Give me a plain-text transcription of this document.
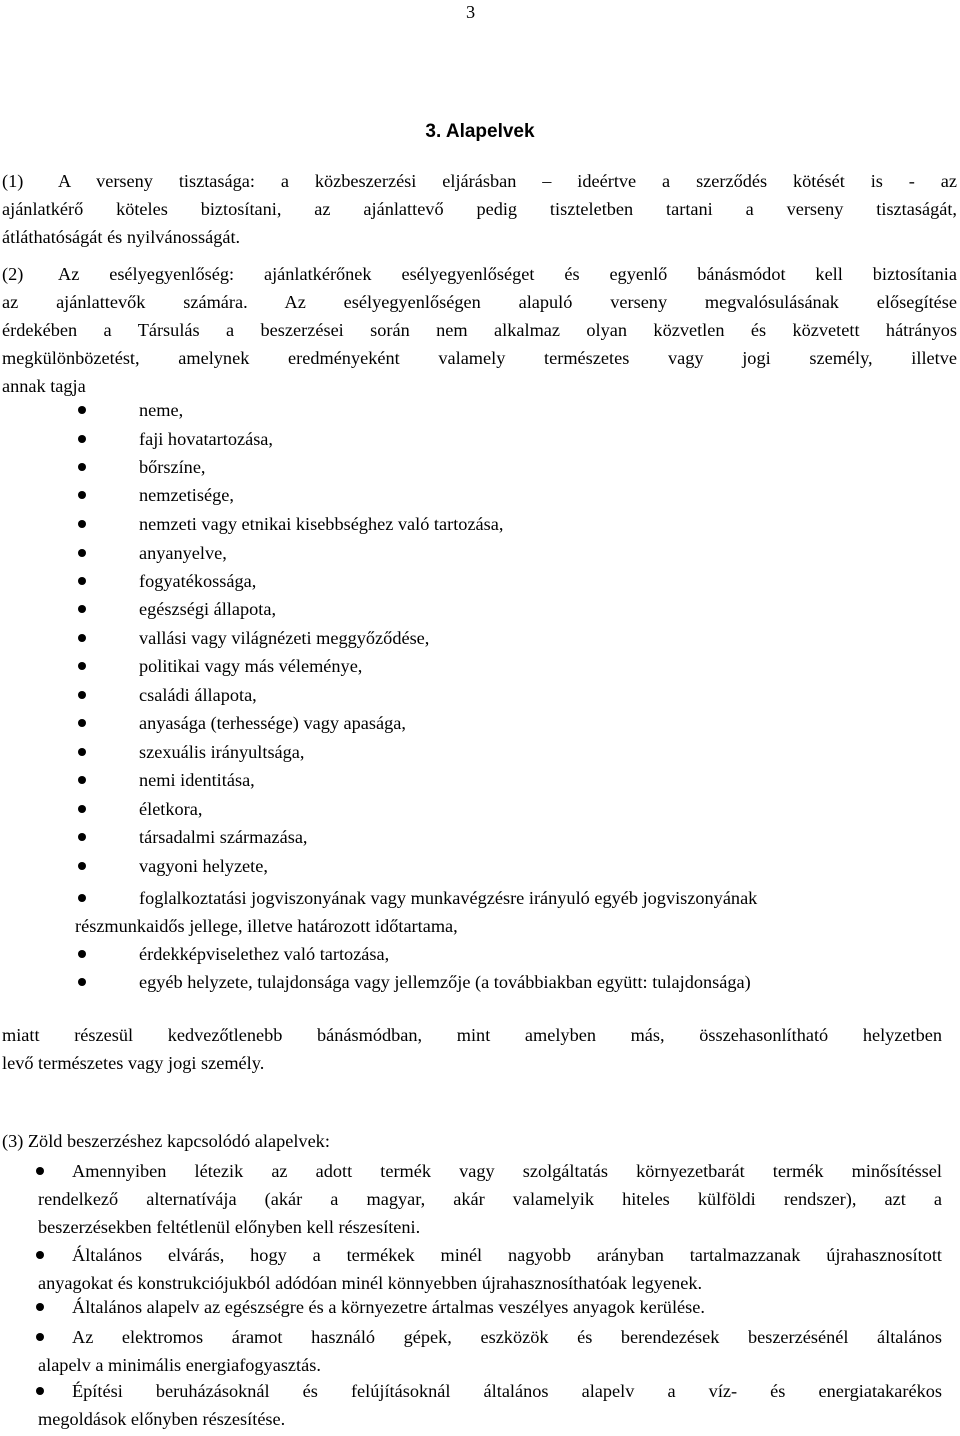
3
3. Alapelvek
(1)	A verseny tisztasága: a közbeszerzési eljárásban – ideértve a szerződés kötését is - az
ajánlatkérő köteles biztosítani, az ajánlattevő pedig tiszteletben tartani a verseny tisztaságát,
átláthatóságát és nyilvánosságát.
(2)	Az esélyegyenlőség: ajánlatkérőnek esélyegyenlőséget és egyenlő bánásmódot kell biztosítania
az ajánlattevők számára. Az esélyegyenlőségen alapuló verseny megvalósulásának elősegítése
érdekében a Társulás a beszerzései során nem alkalmaz olyan közvetlen és közvetett hátrányos
megkülönbözetést, amelynek eredményeként valamely természetes vagy jogi személy, illetve
annak tagja
neme,
faji hovatartozása,
bőrszíne,
nemzetisége,
nemzeti vagy etnikai kisebbséghez való tartozása,
anyanyelve,
fogyatékossága,
egészségi állapota,
vallási vagy világnézeti meggyőződése,
politikai vagy más véleménye,
családi állapota,
anyasága (terhessége) vagy apasága,
szexuális irányultsága,
nemi identitása,
életkora,
társadalmi származása,
vagyoni helyzete,
foglalkoztatási jogviszonyának vagy munkavégzésre irányuló egyéb jogviszonyának
érdekképviselethez való tartozása,
egyéb helyzete, tulajdonsága vagy jellemzője (a továbbiakban együtt: tulajdonsága)
részmunkaidős jellege, illetve határozott időtartama,
miatt részesül kedvezőtlenebb bánásmódban, mint amelyben más, összehasonlítható helyzetben
levő természetes vagy jogi személy.
(3) Zöld beszerzéshez kapcsolódó alapelvek:
Amennyiben létezik az adott termék vagy szolgáltatás környezetbarát termék minősítéssel
rendelkező alternatívája (akár a magyar, akár valamelyik hiteles külföldi rendszer), azt a
beszerzésekben feltétlenül előnyben kell részesíteni.
Általános elvárás, hogy a termékek minél nagyobb arányban tartalmazzanak újrahasznosított
anyagokat és konstrukciójukból adódóan minél könnyebben újrahasznosíthatóak legyenek.
Általános alapelv az egészségre és a környezetre ártalmas veszélyes anyagok kerülése.
Az elektromos áramot használó gépek, eszközök és berendezések beszerzésénél általános
alapelv a minimális energiafogyasztás.
Építési beruházásoknál és felújításoknál általános alapelv a víz- és energiatakarékos
megoldások előnyben részesítése.
